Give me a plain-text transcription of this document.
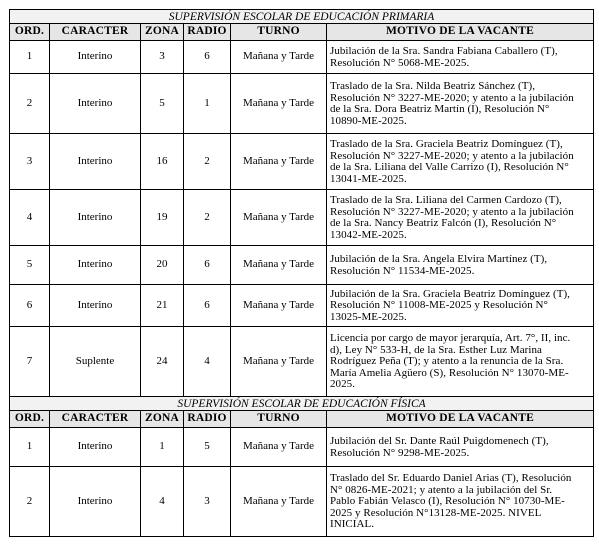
SUPERVISIÓN ESCOLAR DE EDUCACIÓN PRIMARIA					
ORD.	CARACTER	ZONA	RADIO	TURNO	MOTIVO DE LA VACANTE
1	Interino	3	6	Mañana y Tarde	Jubilación de la Sra. Sandra Fabiana Caballero (T),
Resolución N° 5068-ME-2025.

2	Interino	5	1	Mañana y Tarde	Traslado de la Sra. Nilda Beatriz Sánchez (T),
Resolución N° 3227-ME-2020; y atento a la jubilación
de la Sra. Dora Beatriz Martín (I), Resolución N°
10890-ME-2025.

3	Interino	16	2	Mañana y Tarde	Traslado de la Sra. Graciela Beatriz Domínguez (T),
Resolución N° 3227-ME-2020; y atento a la jubilación
de la Sra. Liliana del Valle Carrizo (I), Resolución N°
13041-ME-2025.

4	Interino	19	2	Mañana y Tarde	Traslado de la Sra. Liliana del Carmen Cardozo (T),
Resolución N° 3227-ME-2020; y atento a la jubilación
de la Sra. Nancy Beatriz Falcón (I), Resolución N°
13042-ME-2025.

5	Interino	20	6	Mañana y Tarde	Jubilación de la Sra. Angela Elvira Martínez (T),
Resolución N° 11534-ME-2025.

6	Interino	21	6	Mañana y Tarde	Jubilación de la Sra. Graciela Beatriz Domínguez (T),
Resolución N° 11008-ME-2025 y Resolución N°
13025-ME-2025.

7	Suplente	24	4	Mañana y Tarde	Licencia por cargo de mayor jerarquía, Art. 7°, II, inc.
d), Ley N° 533-H, de la Sra. Esther Luz Marina
Rodríguez Peña (T); y atento a la renuncia de la Sra.
María Amelia Agüero (S), Resolución N° 13070-ME-
2025.

SUPERVISIÓN ESCOLAR DE EDUCACIÓN FÍSICA					
ORD.	CARACTER	ZONA	RADIO	TURNO	MOTIVO DE LA VACANTE
1	Interino	1	5	Mañana y Tarde	Jubilación del Sr. Dante Raúl Puigdomenech (T),
Resolución N° 9298-ME-2025.

2	Interino	4	3	Mañana y Tarde	Traslado del Sr. Eduardo Daniel Arias (T), Resolución
N° 0826-ME-2021; y atento a la jubilación del Sr.
Pablo Fabián Velasco (I), Resolución N° 10730-ME-
2025 y Resolución N°13128-ME-2025. NIVEL
INICIAL.
